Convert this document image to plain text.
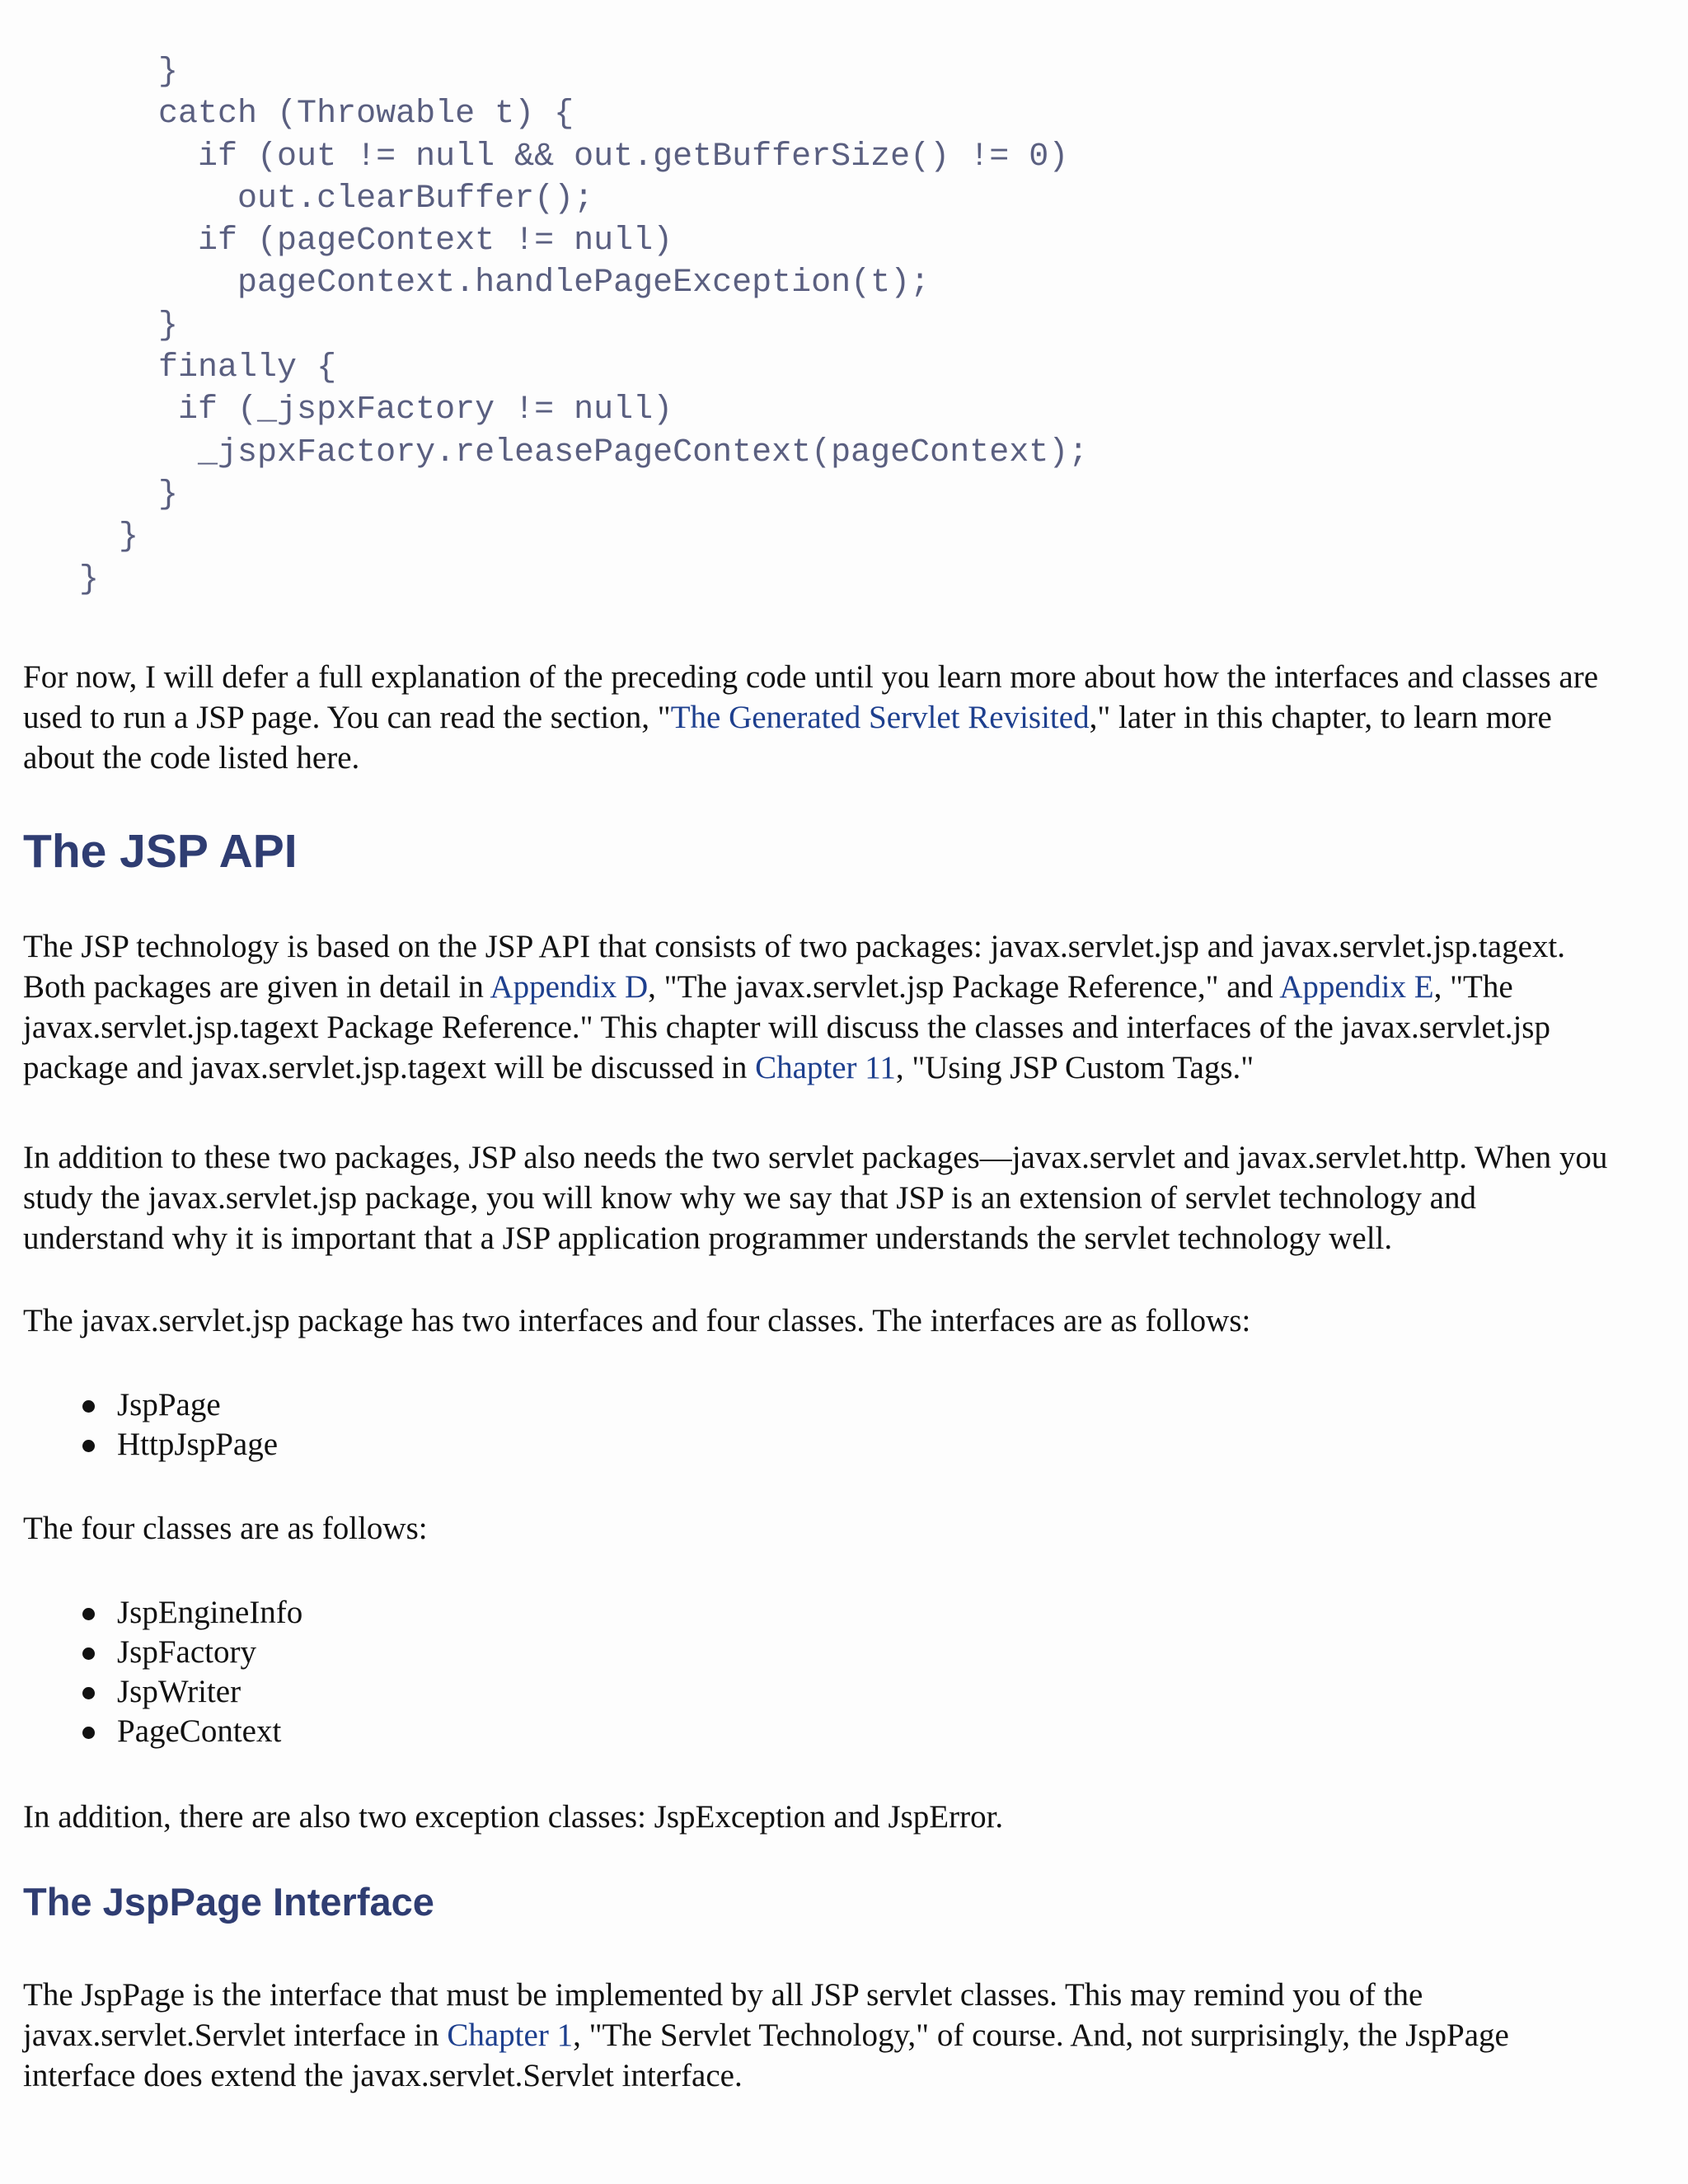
}
catch (Throwable t) {
if (out != null && out.getBufferSize() != 0)
out.clearBuffer();
if (pageContext != null)
pageContext.handlePageException(t);
}
finally {
if (_jspxFactory != null)
_jspxFactory.releasePageContext(pageContext);
}
}
}

For now, I will defer a full explanation of the preceding code until you learn more about how the interfaces and classes are
used to run a JSP page. You can read the section, "The Generated Servlet Revisited," later in this chapter, to learn more
about the code listed here.

The JSP API

The JSP technology is based on the JSP API that consists of two packages: javax.servlet.jsp and javax.servlet.jsp.tagext.
Both packages are given in detail in Appendix D, "The javax.servlet.jsp Package Reference," and Appendix E, "The
javax.servlet.jsp.tagext Package Reference." This chapter will discuss the classes and interfaces of the javax.servlet.jsp
package and javax.servlet.jsp.tagext will be discussed in Chapter 11, "Using JSP Custom Tags."

In addition to these two packages, JSP also needs the two servlet packages—javax.servlet and javax.servlet.http. When you
study the javax.servlet.jsp package, you will know why we say that JSP is an extension of servlet technology and
understand why it is important that a JSP application programmer understands the servlet technology well.

The javax.servlet.jsp package has two interfaces and four classes. The interfaces are as follows:

JspPage
HttpJspPage

The four classes are as follows:

JspEngineInfo
JspFactory
JspWriter
PageContext

In addition, there are also two exception classes: JspException and JspError.

The JspPage Interface

The JspPage is the interface that must be implemented by all JSP servlet classes. This may remind you of the
javax.servlet.Servlet interface in Chapter 1, "The Servlet Technology," of course. And, not surprisingly, the JspPage
interface does extend the javax.servlet.Servlet interface.
